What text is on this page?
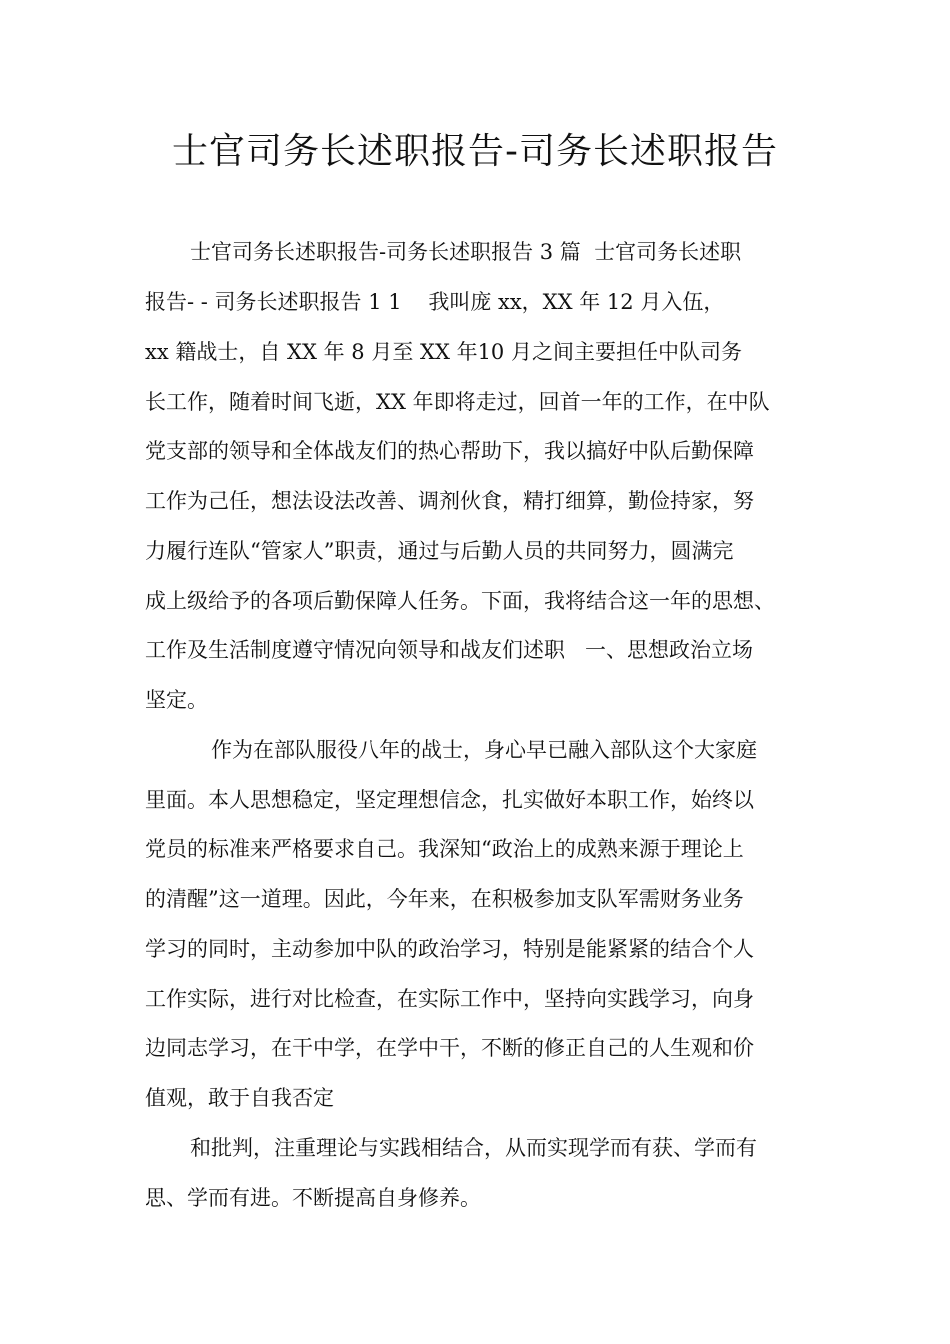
士官司务长述职报告-司务长述职报告

士官司务长述职报告-司务长述职报告 3 篇  士官司务长述职

报告- - 司务长述职报告 1 1    我叫庞 xx，XX 年 12 月入伍，

xx 籍战士，自 XX 年 8 月至 XX 年10 月之间主要担任中队司务

长工作，随着时间飞逝，XX 年即将走过，回首一年的工作，在中队

党支部的领导和全体战友们的热心帮助下，我以搞好中队后勤保障

工作为己任，想法设法改善、调剂伙食，精打细算，勤俭持家，努

力履行连队“管家人”职责，通过与后勤人员的共同努力，圆满完

成上级给予的各项后勤保障人任务。下面，我将结合这一年的思想、

工作及生活制度遵守情况向领导和战友们述职   一、思想政治立场

坚定。

作为在部队服役八年的战士，身心早已融入部队这个大家庭

里面。本人思想稳定，坚定理想信念，扎实做好本职工作，始终以

党员的标准来严格要求自己。我深知“政治上的成熟来源于理论上

的清醒”这一道理。因此，今年来，在积极参加支队军需财务业务

学习的同时，主动参加中队的政治学习，特别是能紧紧的结合个人

工作实际，进行对比检查，在实际工作中，坚持向实践学习，向身

边同志学习，在干中学，在学中干，不断的修正自己的人生观和价

值观，敢于自我否定

和批判，注重理论与实践相结合，从而实现学而有获、学而有

思、学而有进。不断提高自身修养。
